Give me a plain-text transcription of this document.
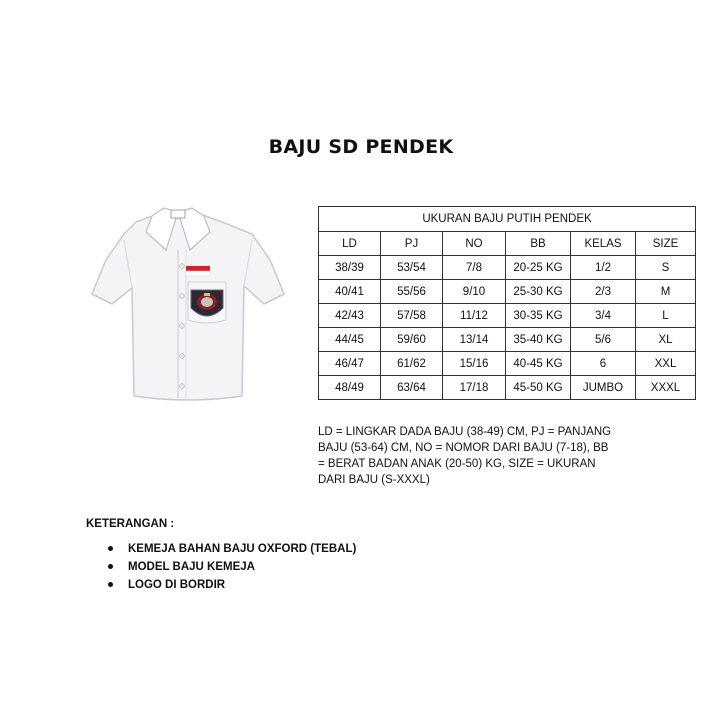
BAJU SD PENDEK
UKURAN BAJU PUTIH PENDEK					
LD	PJ	NO	BB	KELAS	SIZE
38/39	53/54	7/8	20-25 KG	1/2	S
40/41	55/56	9/10	25-30 KG	2/3	M
42/43	57/58	11/12	30-35 KG	3/4	L
44/45	59/60	13/14	35-40 KG	5/6	XL
46/47	61/62	15/16	40-45 KG	6	XXL
48/49	63/64	17/18	45-50 KG	JUMBO	XXXL
LD = LINGKAR DADA BAJU (38-49) CM, PJ = PANJANG BAJU (53-64) CM, NO = NOMOR DARI BAJU (7-18), BB = BERAT BADAN ANAK (20-50) KG, SIZE = UKURAN DARI BAJU (S-XXXL)
KETERANGAN :
KEMEJA BAHAN BAJU OXFORD (TEBAL)
MODEL BAJU KEMEJA
LOGO DI BORDIR
